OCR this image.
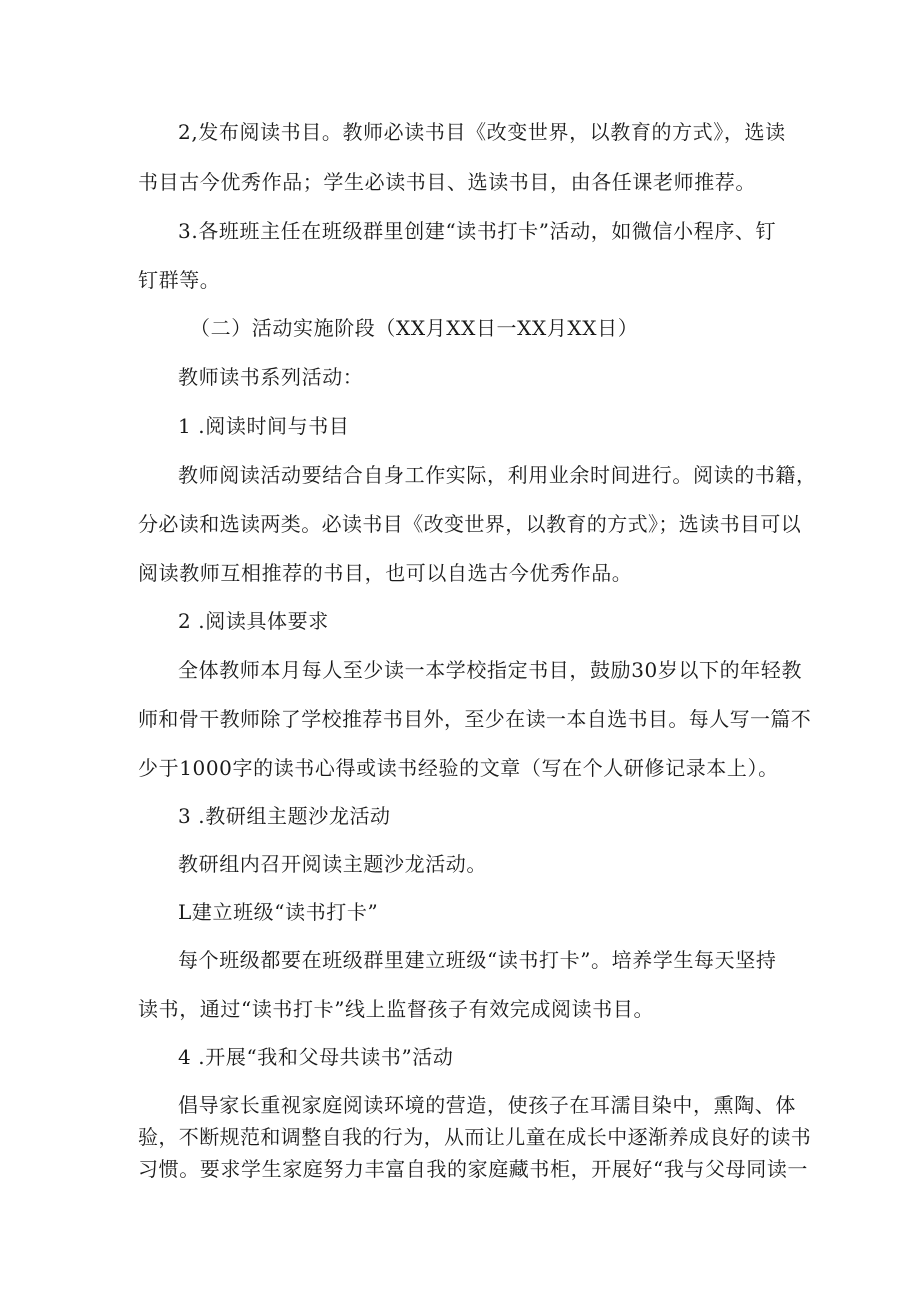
2,发布阅读书目。教师必读书目《改变世界，以教育的方式》，选读
书目古今优秀作品；学生必读书目、选读书目，由各任课老师推荐。
3.各班班主任在班级群里创建“读书打卡”活动，如微信小程序、钉
钉群等。
（二）活动实施阶段（XX月XX日一XX月XX日）
教师读书系列活动：
1 .阅读时间与书目
教师阅读活动要结合自身工作实际，利用业余时间进行。阅读的书籍，
分必读和选读两类。必读书目《改变世界，以教育的方式》；选读书目可以
阅读教师互相推荐的书目，也可以自选古今优秀作品。
2 .阅读具体要求
全体教师本月每人至少读一本学校指定书目，鼓励30岁以下的年轻教
师和骨干教师除了学校推荐书目外，至少在读一本自选书目。每人写一篇不
少于1000字的读书心得或读书经验的文章（写在个人研修记录本上）。
3 .教研组主题沙龙活动
教研组内召开阅读主题沙龙活动。
L建立班级“读书打卡”
每个班级都要在班级群里建立班级“读书打卡”。培养学生每天坚持
读书，通过“读书打卡”线上监督孩子有效完成阅读书目。
4 .开展“我和父母共读书”活动
倡导家长重视家庭阅读环境的营造，使孩子在耳濡目染中，熏陶、体
验，不断规范和调整自我的行为，从而让儿童在成长中逐渐养成良好的读书
习惯。要求学生家庭努力丰富自我的家庭藏书柜，开展好“我与父母同读一
